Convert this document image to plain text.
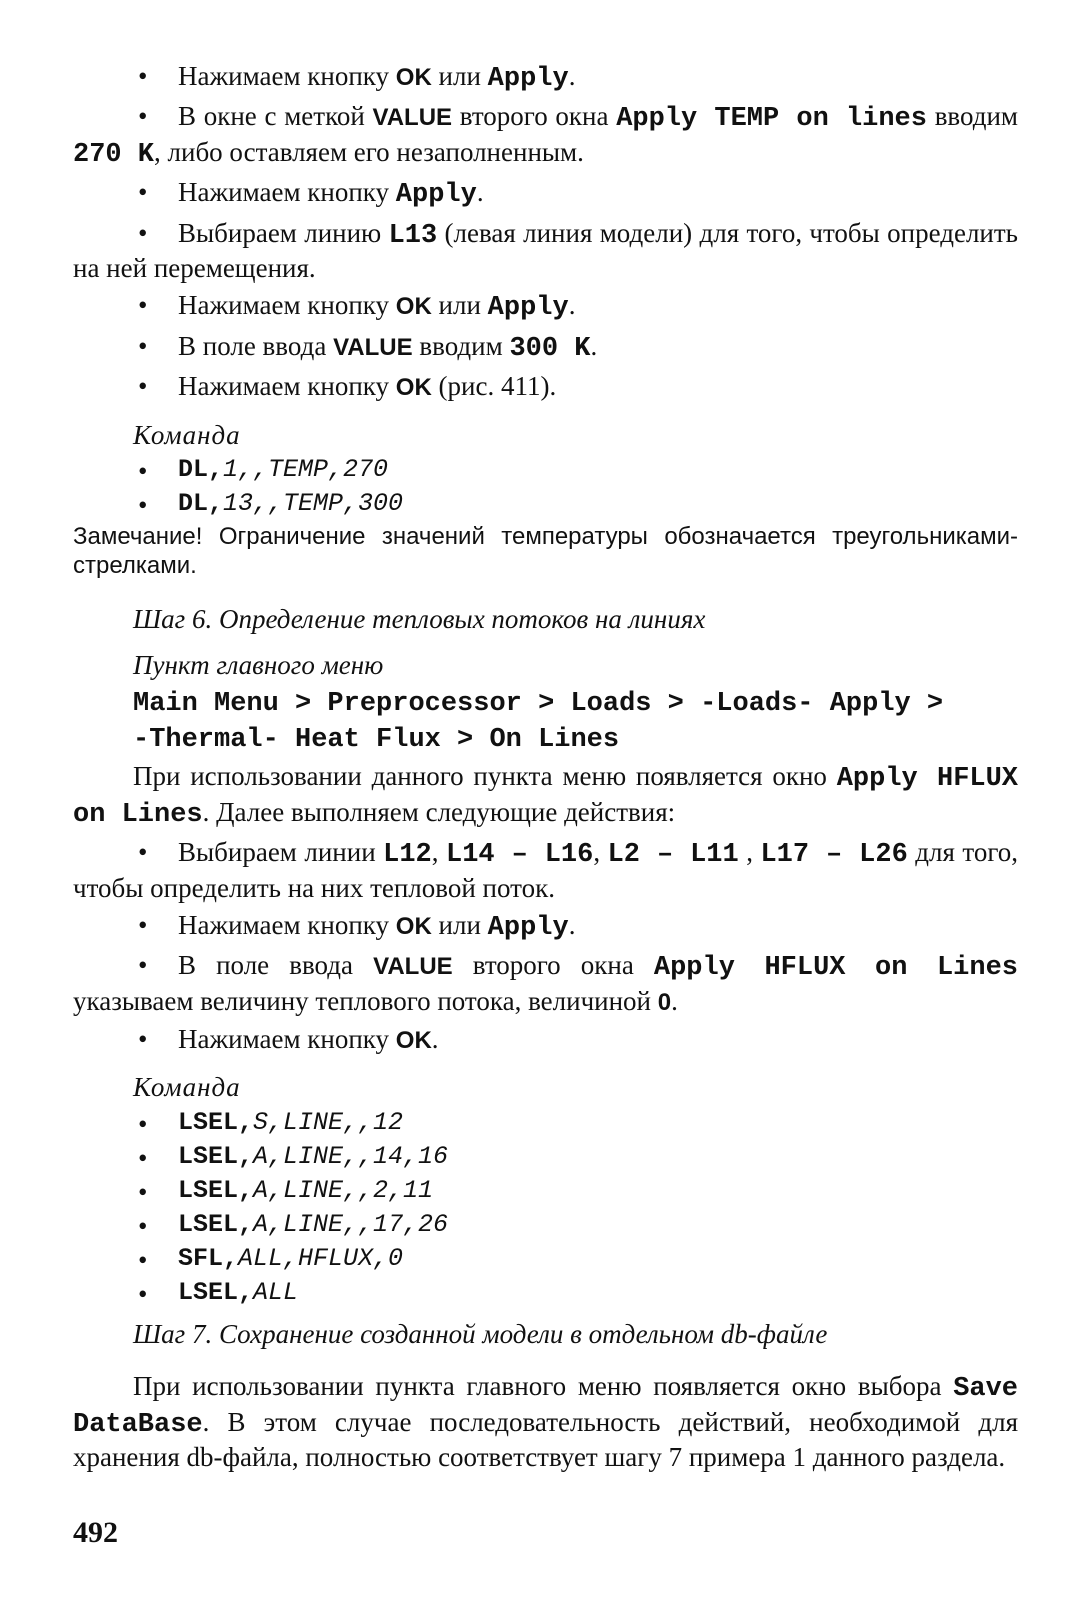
• Нажимаем кнопку OK или Apply.

• В окне с меткой VALUE второго окна Apply TEMP on lines вводим 270 K, либо оставляем его незаполненным.

• Нажимаем кнопку Apply.

• Выбираем линию L13 (левая линия модели) для того, чтобы определить на ней перемещения.

• Нажимаем кнопку OK или Apply.

• В поле ввода VALUE вводим 300 K.

• Нажимаем кнопку OK (рис. 411).

Команда
• DL,1,,TEMP,270
• DL,13,,TEMP,300
Замечание! Ограничение значений температуры обозначается треугольниками-стрелками.
Шаг 6. Определение тепловых потоков на линиях
Пункт главного меню
Main Menu > Preprocessor > Loads > -Loads- Apply >
-Thermal- Heat Flux > On Lines

При использовании данного пункта меню появляется окно Apply HFLUX on Lines. Далее выполняем следующие действия:

• Выбираем линии L12, L14 – L16, L2 – L11 , L17 – L26 для того, чтобы определить на них тепловой поток.

• Нажимаем кнопку OK или Apply.

• В поле ввода VALUE второго окна Apply HFLUX on Lines указываем величину теплового потока, величиной 0.

• Нажимаем кнопку OK.

Команда
• LSEL,S,LINE,,12
• LSEL,A,LINE,,14,16
• LSEL,A,LINE,,2,11
• LSEL,A,LINE,,17,26
• SFL,ALL,HFLUX,0
• LSEL,ALL
Шаг 7. Сохранение созданной модели в отдельном db-файле

При использовании пункта главного меню появляется окно выбора Save DataBase. В этом случае последовательность действий, необходимой для хранения db-файла, полностью соответствует шагу 7 примера 1 данного раздела.

492
